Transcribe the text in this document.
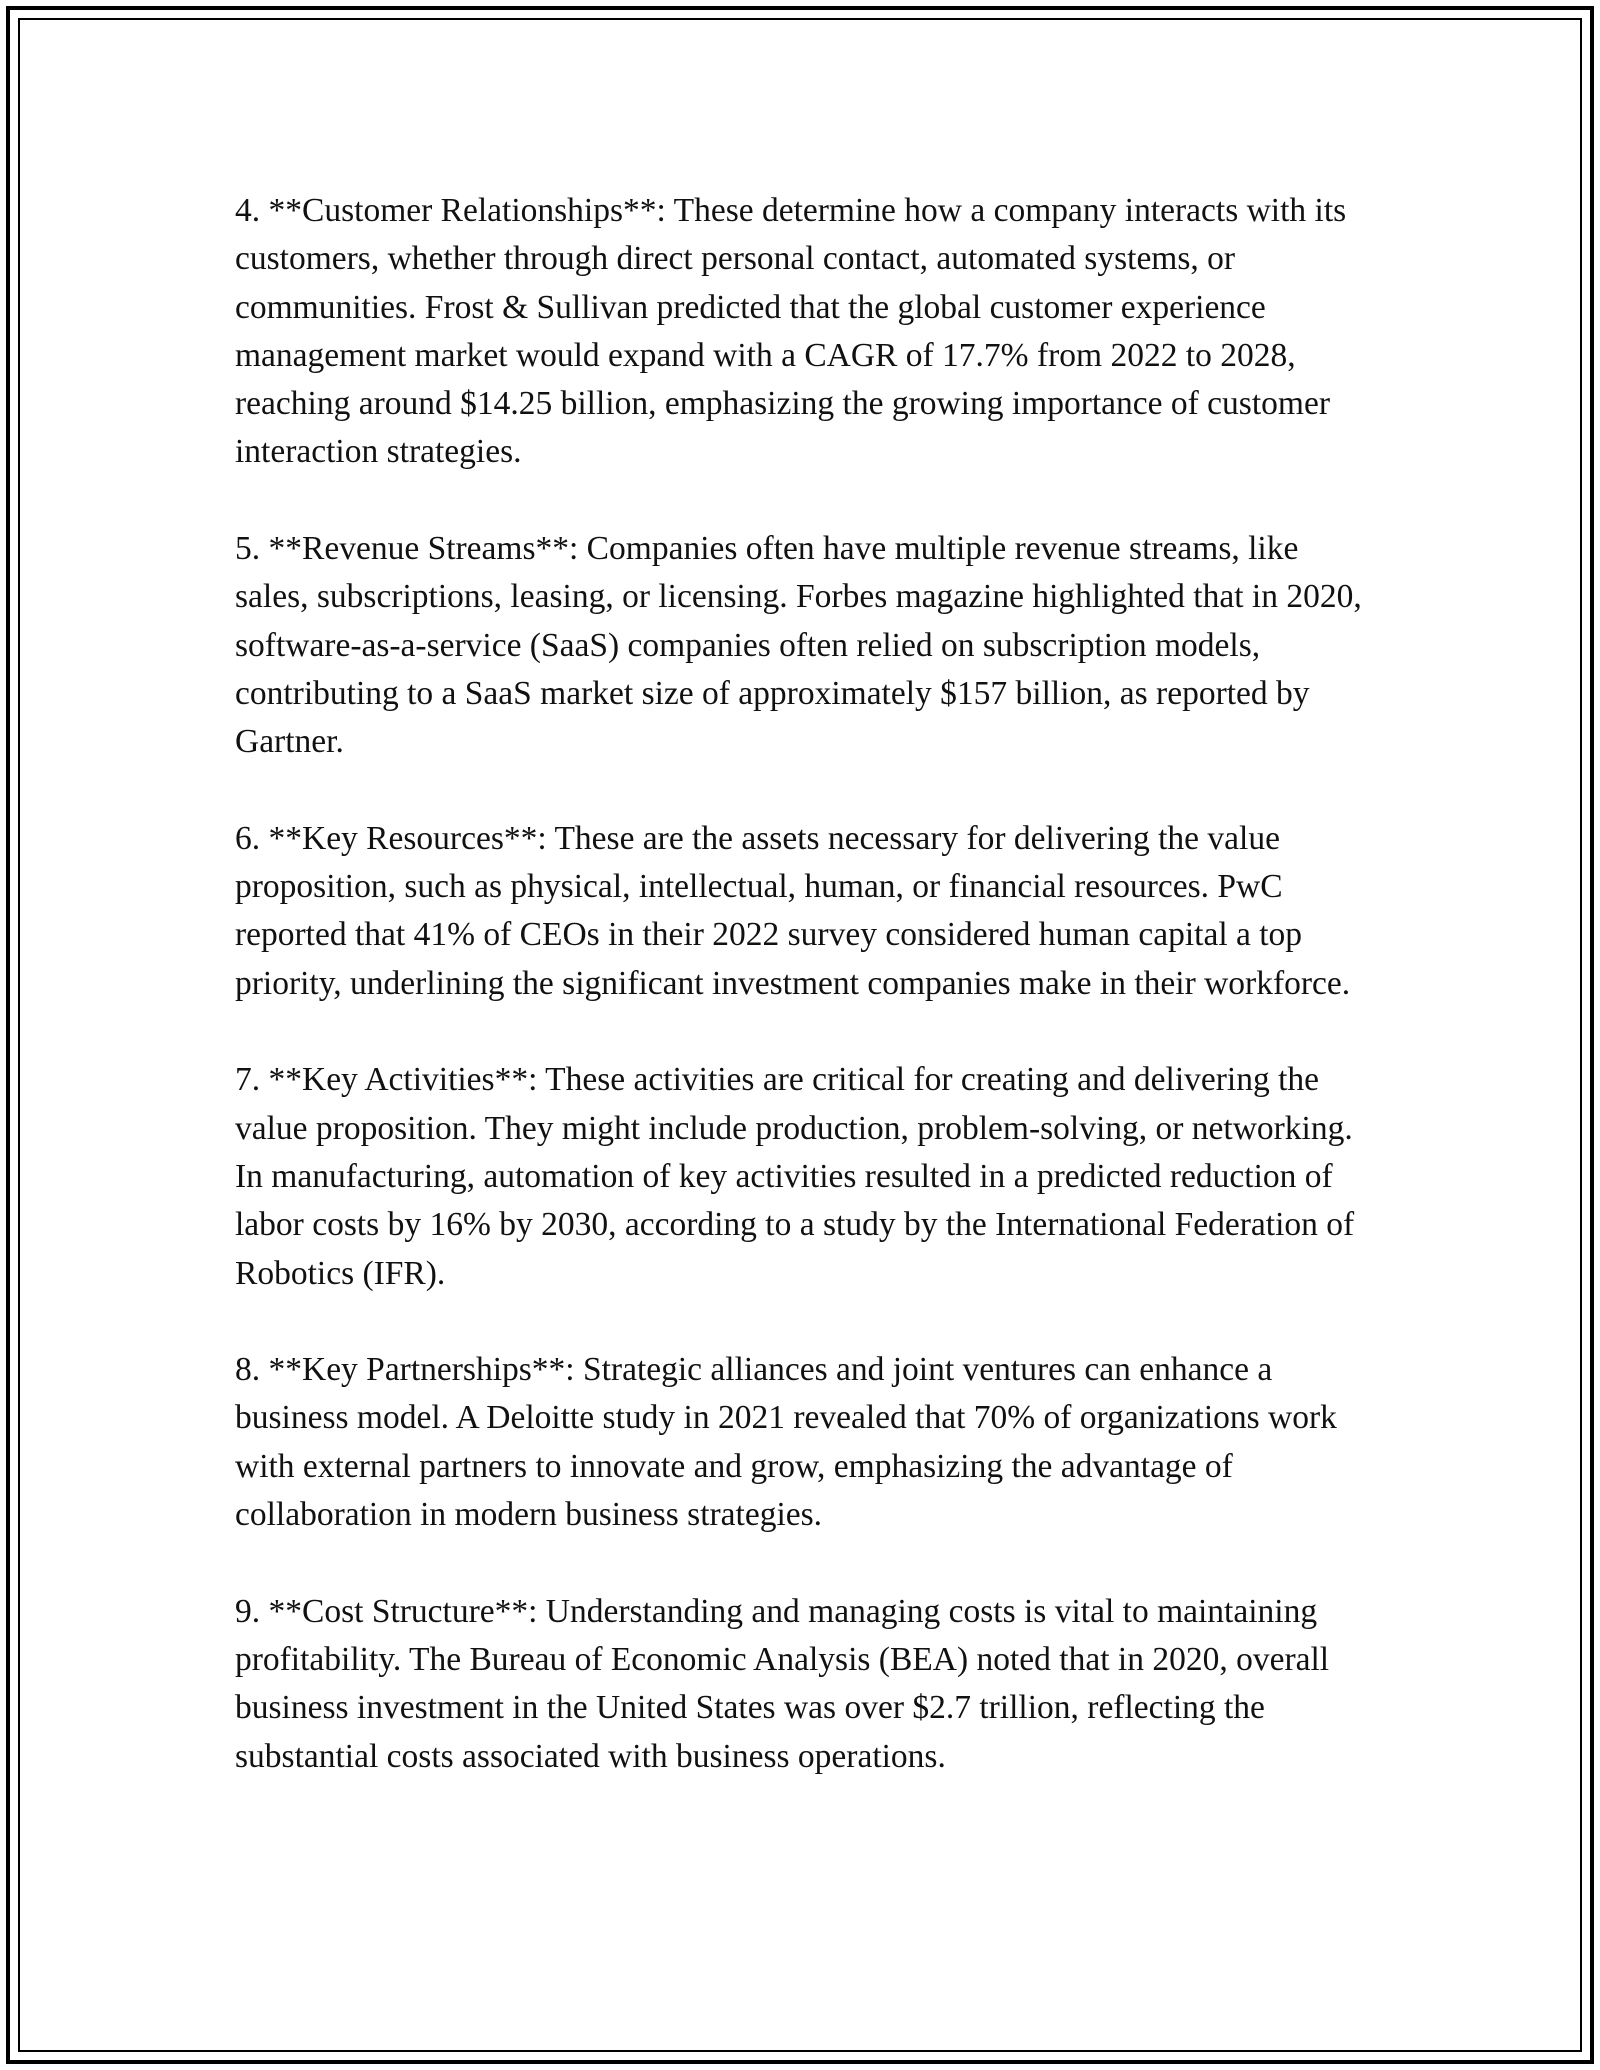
4. **Customer Relationships**: These determine how a company interacts with its customers, whether through direct personal contact, automated systems, or communities. Frost & Sullivan predicted that the global customer experience management market would expand with a CAGR of 17.7% from 2022 to 2028, reaching around $14.25 billion, emphasizing the growing importance of customer interaction strategies.

5. **Revenue Streams**: Companies often have multiple revenue streams, like sales, subscriptions, leasing, or licensing. Forbes magazine highlighted that in 2020, software-as-a-service (SaaS) companies often relied on subscription models, contributing to a SaaS market size of approximately $157 billion, as reported by Gartner.

6. **Key Resources**: These are the assets necessary for delivering the value proposition, such as physical, intellectual, human, or financial resources. PwC reported that 41% of CEOs in their 2022 survey considered human capital a top priority, underlining the significant investment companies make in their workforce.

7. **Key Activities**: These activities are critical for creating and delivering the value proposition. They might include production, problem-solving, or networking. In manufacturing, automation of key activities resulted in a predicted reduction of labor costs by 16% by 2030, according to a study by the International Federation of Robotics (IFR).

8. **Key Partnerships**: Strategic alliances and joint ventures can enhance a business model. A Deloitte study in 2021 revealed that 70% of organizations work with external partners to innovate and grow, emphasizing the advantage of collaboration in modern business strategies.

9. **Cost Structure**: Understanding and managing costs is vital to maintaining profitability. The Bureau of Economic Analysis (BEA) noted that in 2020, overall business investment in the United States was over $2.7 trillion, reflecting the substantial costs associated with business operations.
